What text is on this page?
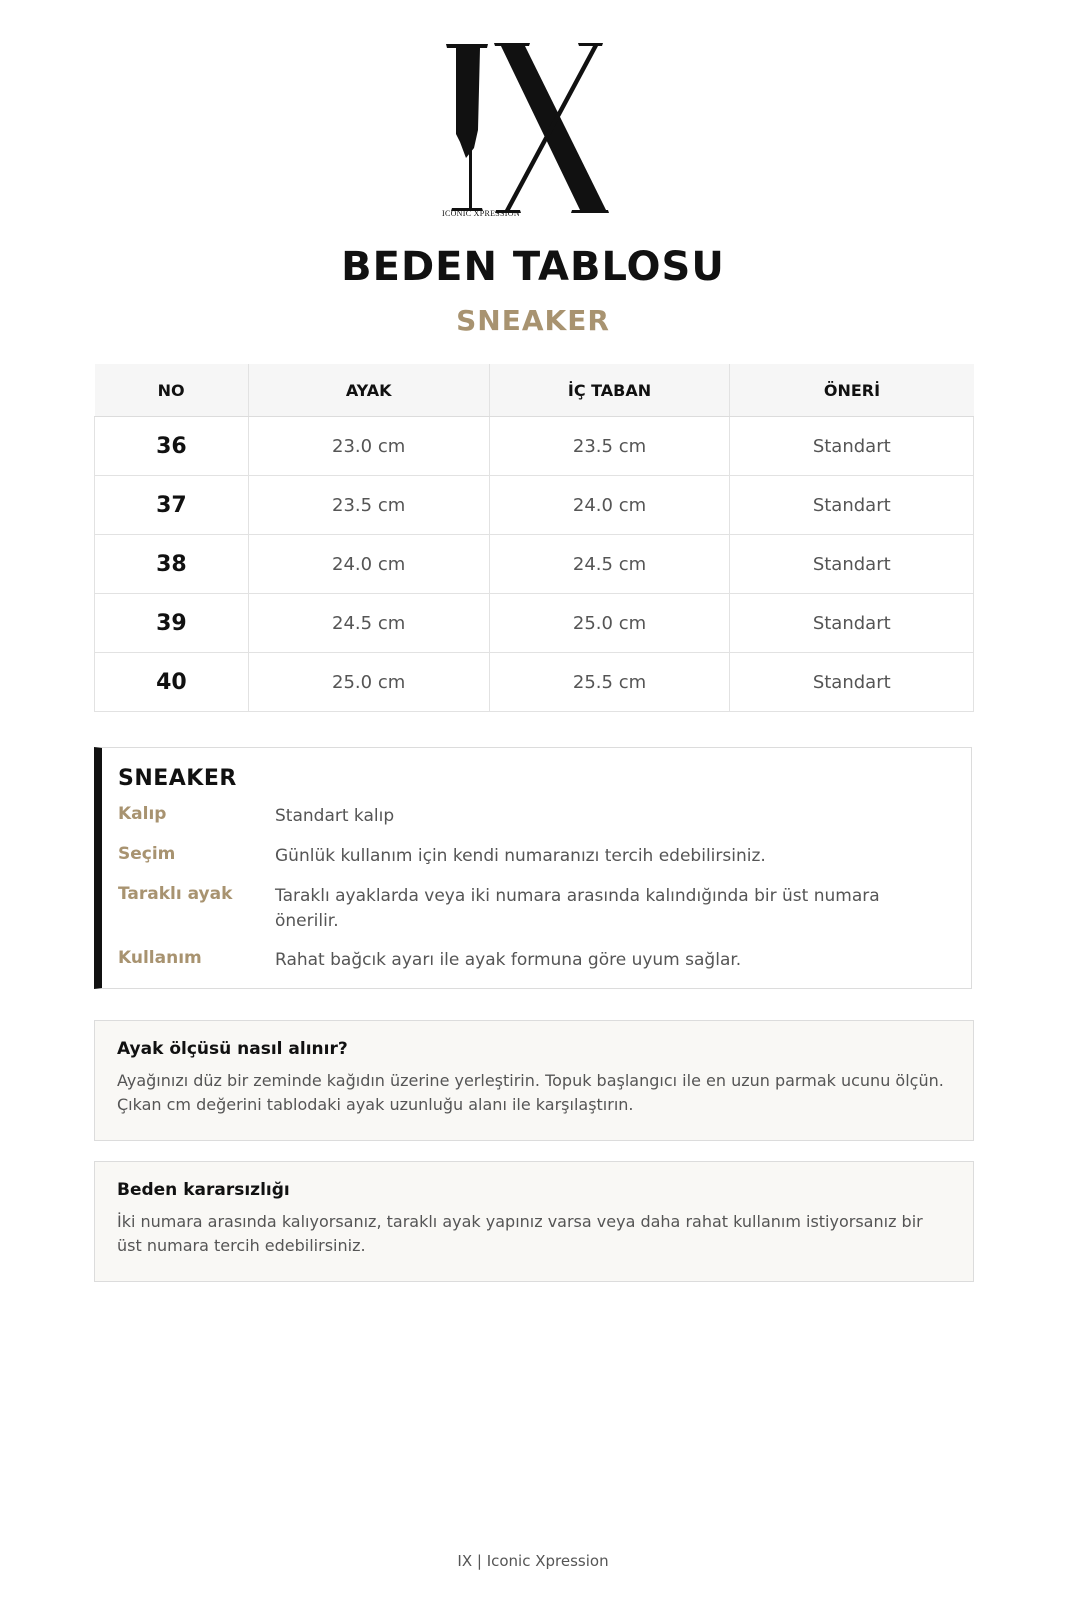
ICONIC XPRESSION
BEDEN TABLOSU
SNEAKER
NO	AYAK	İÇ TABAN	ÖNERİ
36	23.0 cm	23.5 cm	Standart
37	23.5 cm	24.0 cm	Standart
38	24.0 cm	24.5 cm	Standart
39	24.5 cm	25.0 cm	Standart
40	25.0 cm	25.5 cm	Standart
SNEAKER
Kalıp	Standart kalıp
Seçim	Günlük kullanım için kendi numaranızı tercih edebilirsiniz.
Taraklı ayak	Taraklı ayaklarda veya iki numara arasında kalındığında bir üst numara önerilir.
Kullanım	Rahat bağcık ayarı ile ayak formuna göre uyum sağlar.
Ayak ölçüsü nasıl alınır?
Ayağınızı düz bir zeminde kağıdın üzerine yerleştirin. Topuk başlangıcı ile en uzun parmak ucunu ölçün. Çıkan cm değerini tablodaki ayak uzunluğu alanı ile karşılaştırın.
Beden kararsızlığı
İki numara arasında kalıyorsanız, taraklı ayak yapınız varsa veya daha rahat kullanım istiyorsanız bir üst numara tercih edebilirsiniz.
IX | Iconic Xpression
